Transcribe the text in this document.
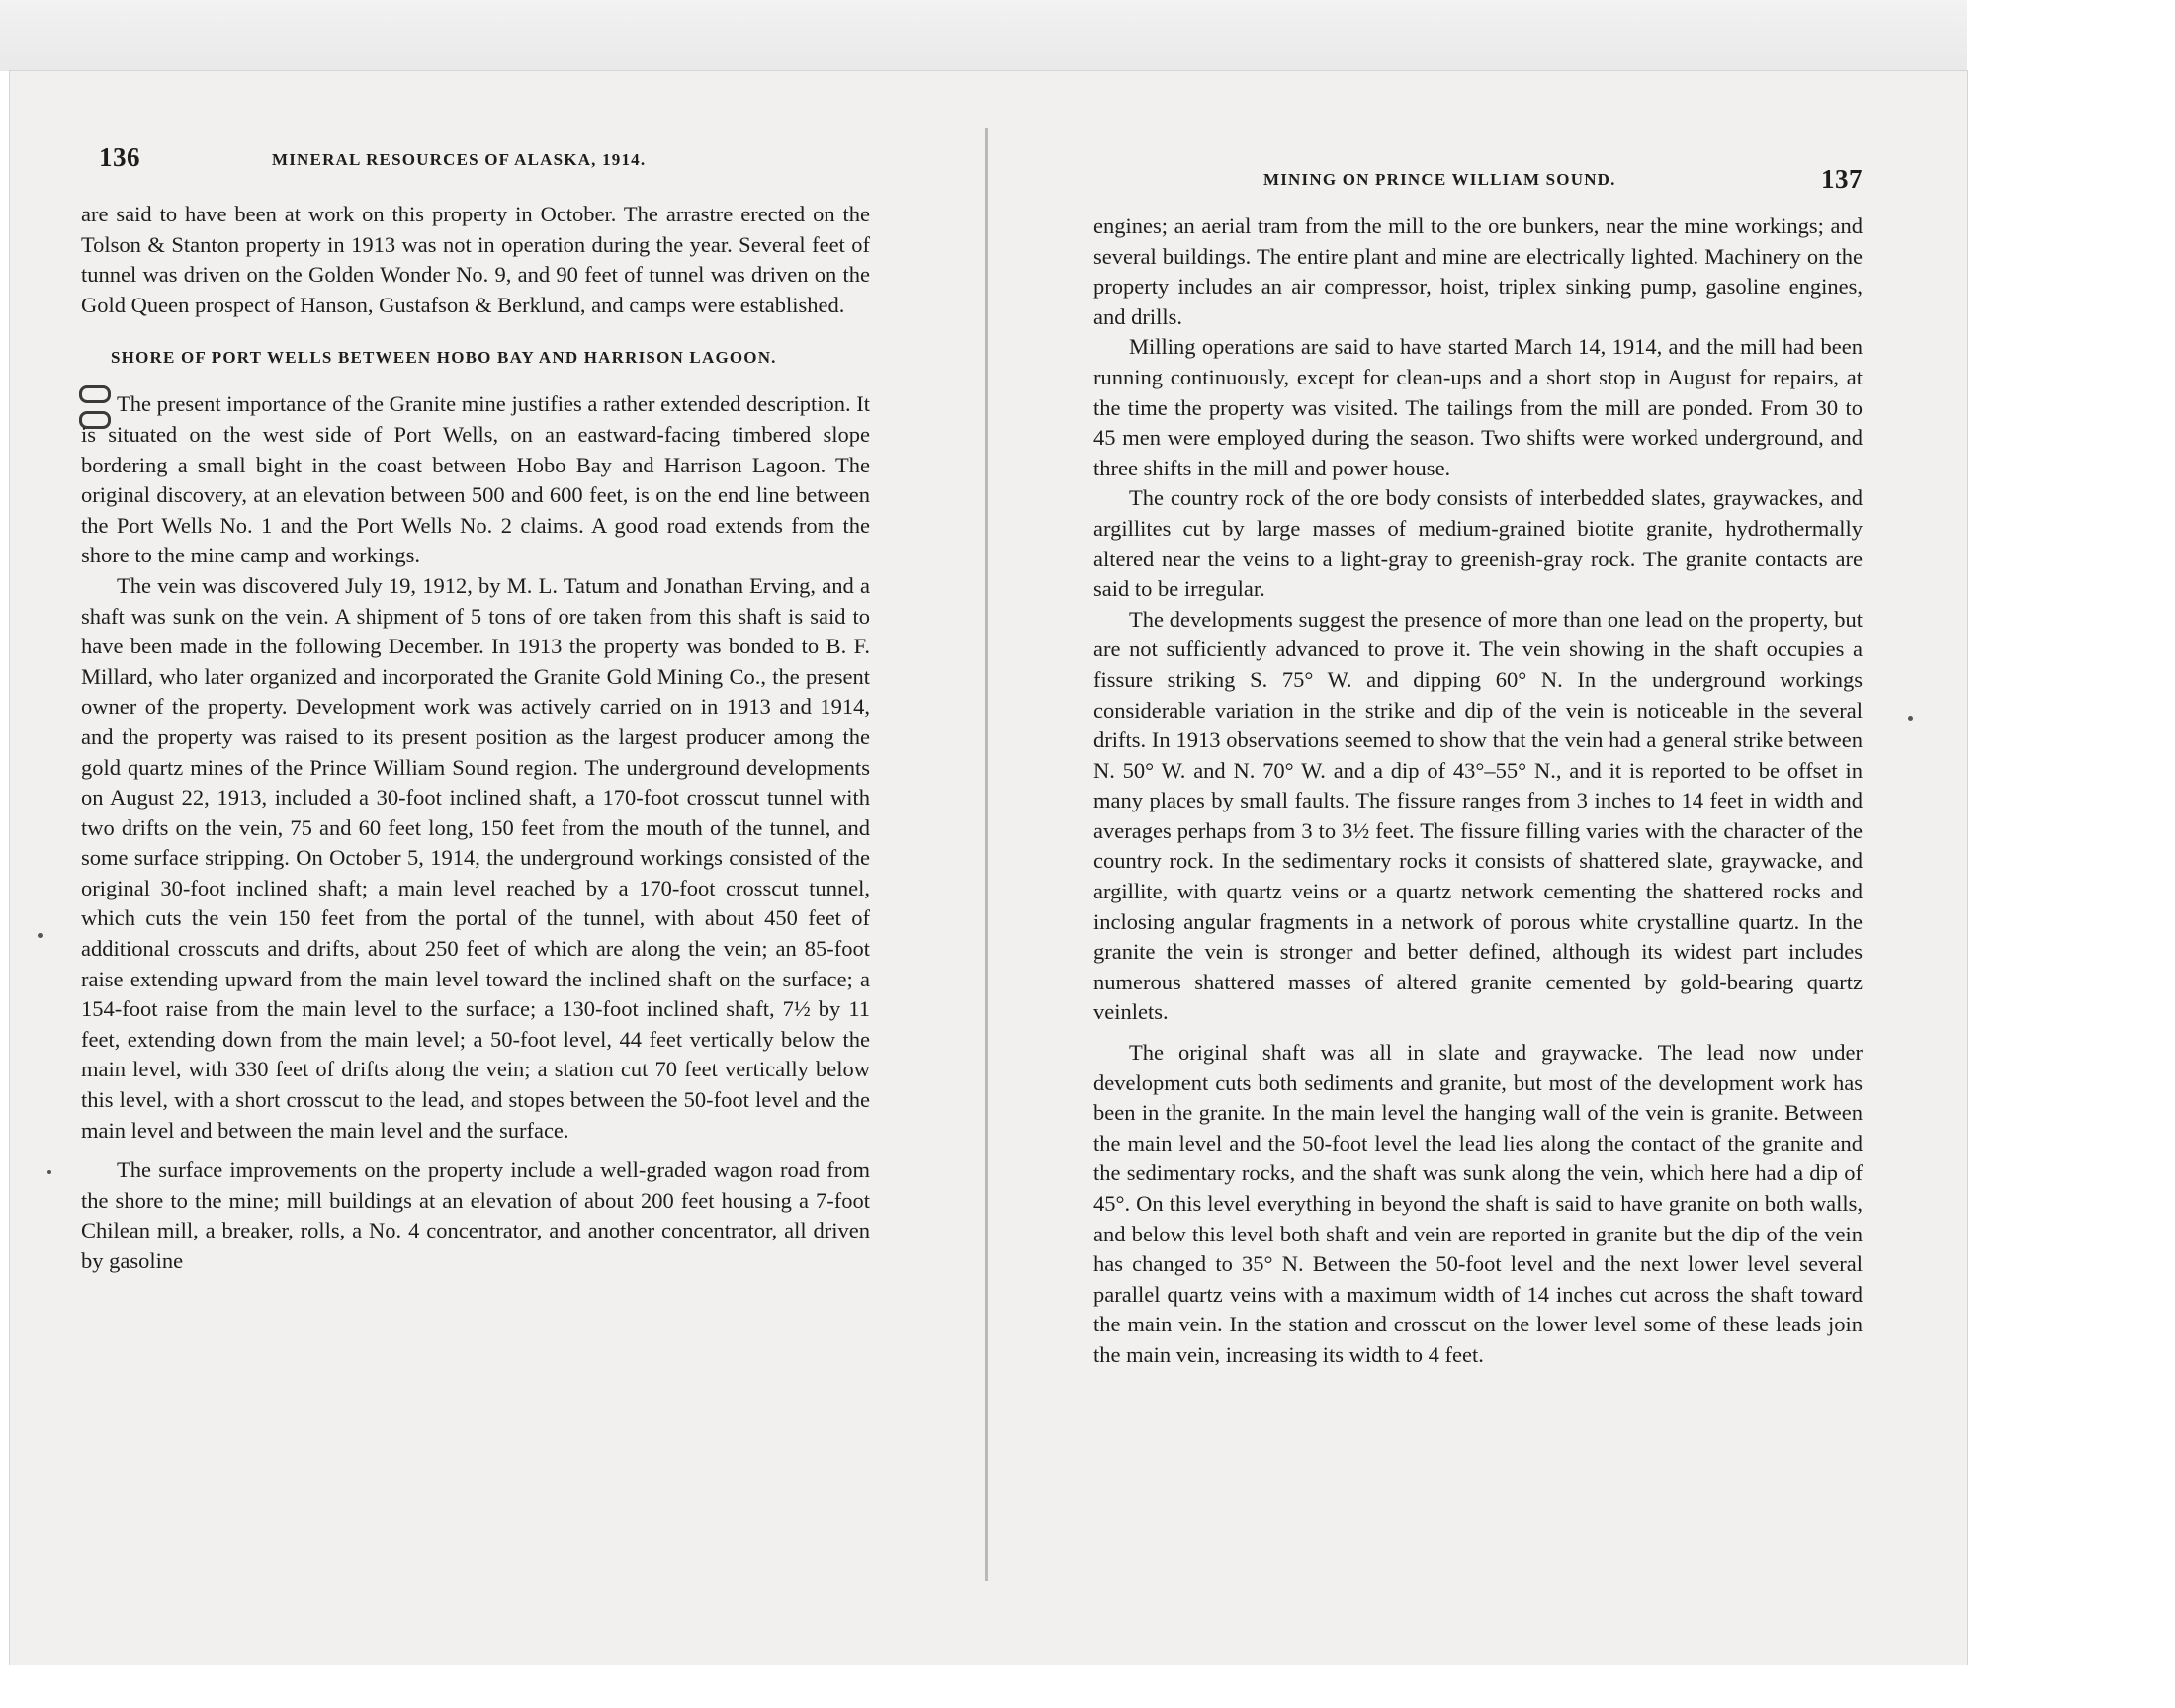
136	MINERAL RESOURCES OF ALASKA, 1914.

are said to have been at work on this property in October. The arrastre erected on the Tolson & Stanton property in 1913 was not in operation during the year. Several feet of tunnel was driven on the Golden Wonder No. 9, and 90 feet of tunnel was driven on the Gold Queen prospect of Hanson, Gustafson & Berklund, and camps were established.

SHORE OF PORT WELLS BETWEEN HOBO BAY AND HARRISON LAGOON.

The present importance of the Granite mine justifies a rather extended description. It is situated on the west side of Port Wells, on an eastward-facing timbered slope bordering a small bight in the coast between Hobo Bay and Harrison Lagoon. The original discovery, at an elevation between 500 and 600 feet, is on the end line between the Port Wells No. 1 and the Port Wells No. 2 claims. A good road extends from the shore to the mine camp and workings.

The vein was discovered July 19, 1912, by M. L. Tatum and Jonathan Erving, and a shaft was sunk on the vein. A shipment of 5 tons of ore taken from this shaft is said to have been made in the following December. In 1913 the property was bonded to B. F. Millard, who later organized and incorporated the Granite Gold Mining Co., the present owner of the property. Development work was actively carried on in 1913 and 1914, and the property was raised to its present position as the largest producer among the gold quartz mines of the Prince William Sound region. The underground developments on August 22, 1913, included a 30-foot inclined shaft, a 170-foot crosscut tunnel with two drifts on the vein, 75 and 60 feet long, 150 feet from the mouth of the tunnel, and some surface stripping. On October 5, 1914, the underground workings consisted of the original 30-foot inclined shaft; a main level reached by a 170-foot crosscut tunnel, which cuts the vein 150 feet from the portal of the tunnel, with about 450 feet of additional crosscuts and drifts, about 250 feet of which are along the vein; an 85-foot raise extending upward from the main level toward the inclined shaft on the surface; a 154-foot raise from the main level to the surface; a 130-foot inclined shaft, 7½ by 11 feet, extending down from the main level; a 50-foot level, 44 feet vertically below the main level, with 330 feet of drifts along the vein; a station cut 70 feet vertically below this level, with a short crosscut to the lead, and stopes between the 50-foot level and the main level and between the main level and the surface.

The surface improvements on the property include a well-graded wagon road from the shore to the mine; mill buildings at an elevation of about 200 feet housing a 7-foot Chilean mill, a breaker, rolls, a No. 4 concentrator, and another concentrator, all driven by gasoline

MINING ON PRINCE WILLIAM SOUND.	137

engines; an aerial tram from the mill to the ore bunkers, near the mine workings; and several buildings. The entire plant and mine are electrically lighted. Machinery on the property includes an air compressor, hoist, triplex sinking pump, gasoline engines, and drills.

Milling operations are said to have started March 14, 1914, and the mill had been running continuously, except for clean-ups and a short stop in August for repairs, at the time the property was visited. The tailings from the mill are ponded. From 30 to 45 men were employed during the season. Two shifts were worked underground, and three shifts in the mill and power house.

The country rock of the ore body consists of interbedded slates, graywackes, and argillites cut by large masses of medium-grained biotite granite, hydrothermally altered near the veins to a light-gray to greenish-gray rock. The granite contacts are said to be irregular.

The developments suggest the presence of more than one lead on the property, but are not sufficiently advanced to prove it. The vein showing in the shaft occupies a fissure striking S. 75° W. and dipping 60° N. In the underground workings considerable variation in the strike and dip of the vein is noticeable in the several drifts. In 1913 observations seemed to show that the vein had a general strike between N. 50° W. and N. 70° W. and a dip of 43°–55° N., and it is reported to be offset in many places by small faults. The fissure ranges from 3 inches to 14 feet in width and averages perhaps from 3 to 3½ feet. The fissure filling varies with the character of the country rock. In the sedimentary rocks it consists of shattered slate, graywacke, and argillite, with quartz veins or a quartz network cementing the shattered rocks and inclosing angular fragments in a network of porous white crystalline quartz. In the granite the vein is stronger and better defined, although its widest part includes numerous shattered masses of altered granite cemented by gold-bearing quartz veinlets.

The original shaft was all in slate and graywacke. The lead now under development cuts both sediments and granite, but most of the development work has been in the granite. In the main level the hanging wall of the vein is granite. Between the main level and the 50-foot level the lead lies along the contact of the granite and the sedimentary rocks, and the shaft was sunk along the vein, which here had a dip of 45°. On this level everything in beyond the shaft is said to have granite on both walls, and below this level both shaft and vein are reported in granite but the dip of the vein has changed to 35° N. Between the 50-foot level and the next lower level several parallel quartz veins with a maximum width of 14 inches cut across the shaft toward the main vein. In the station and crosscut on the lower level some of these leads join the main vein, increasing its width to 4 feet.
